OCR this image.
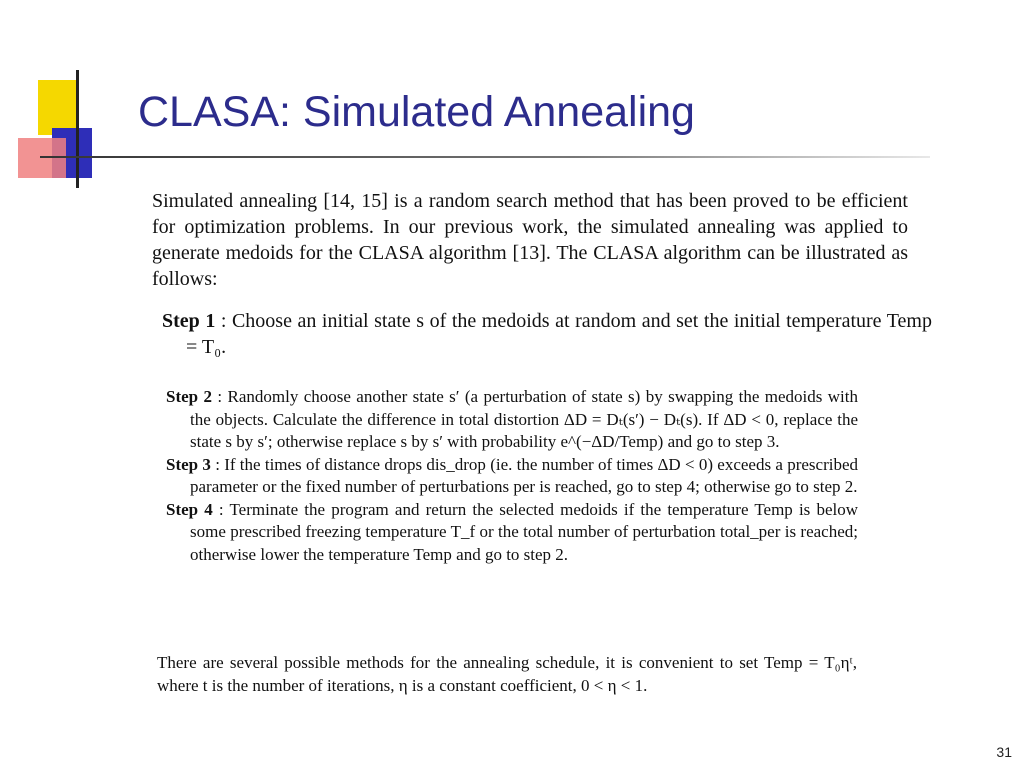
CLASA: Simulated Annealing
Simulated annealing [14, 15] is a random search method that has been proved to be efficient for optimization problems. In our previous work, the simulated annealing was applied to generate medoids for the CLASA algorithm [13]. The CLASA algorithm can be illustrated as follows:
Step 1 : Choose an initial state s of the medoids at random and set the initial temperature Temp = T₀.
Step 2 : Randomly choose another state s′ (a perturbation of state s) by swapping the medoids with the objects. Calculate the difference in total distortion ΔD = Dₜ(s′) − Dₜ(s). If ΔD < 0, replace the state s by s′; otherwise replace s by s′ with probability e^(−ΔD/Temp) and go to step 3.
Step 3 : If the times of distance drops dis_drop (ie. the number of times ΔD < 0) exceeds a prescribed parameter or the fixed number of perturbations per is reached, go to step 4; otherwise go to step 2.
Step 4 : Terminate the program and return the selected medoids if the temperature Temp is below some prescribed freezing temperature T_f or the total number of perturbation total_per is reached; otherwise lower the temperature Temp and go to step 2.
There are several possible methods for the annealing schedule, it is convenient to set Temp = T₀ηᵗ, where t is the number of iterations, η is a constant coefficient, 0 < η < 1.
31
